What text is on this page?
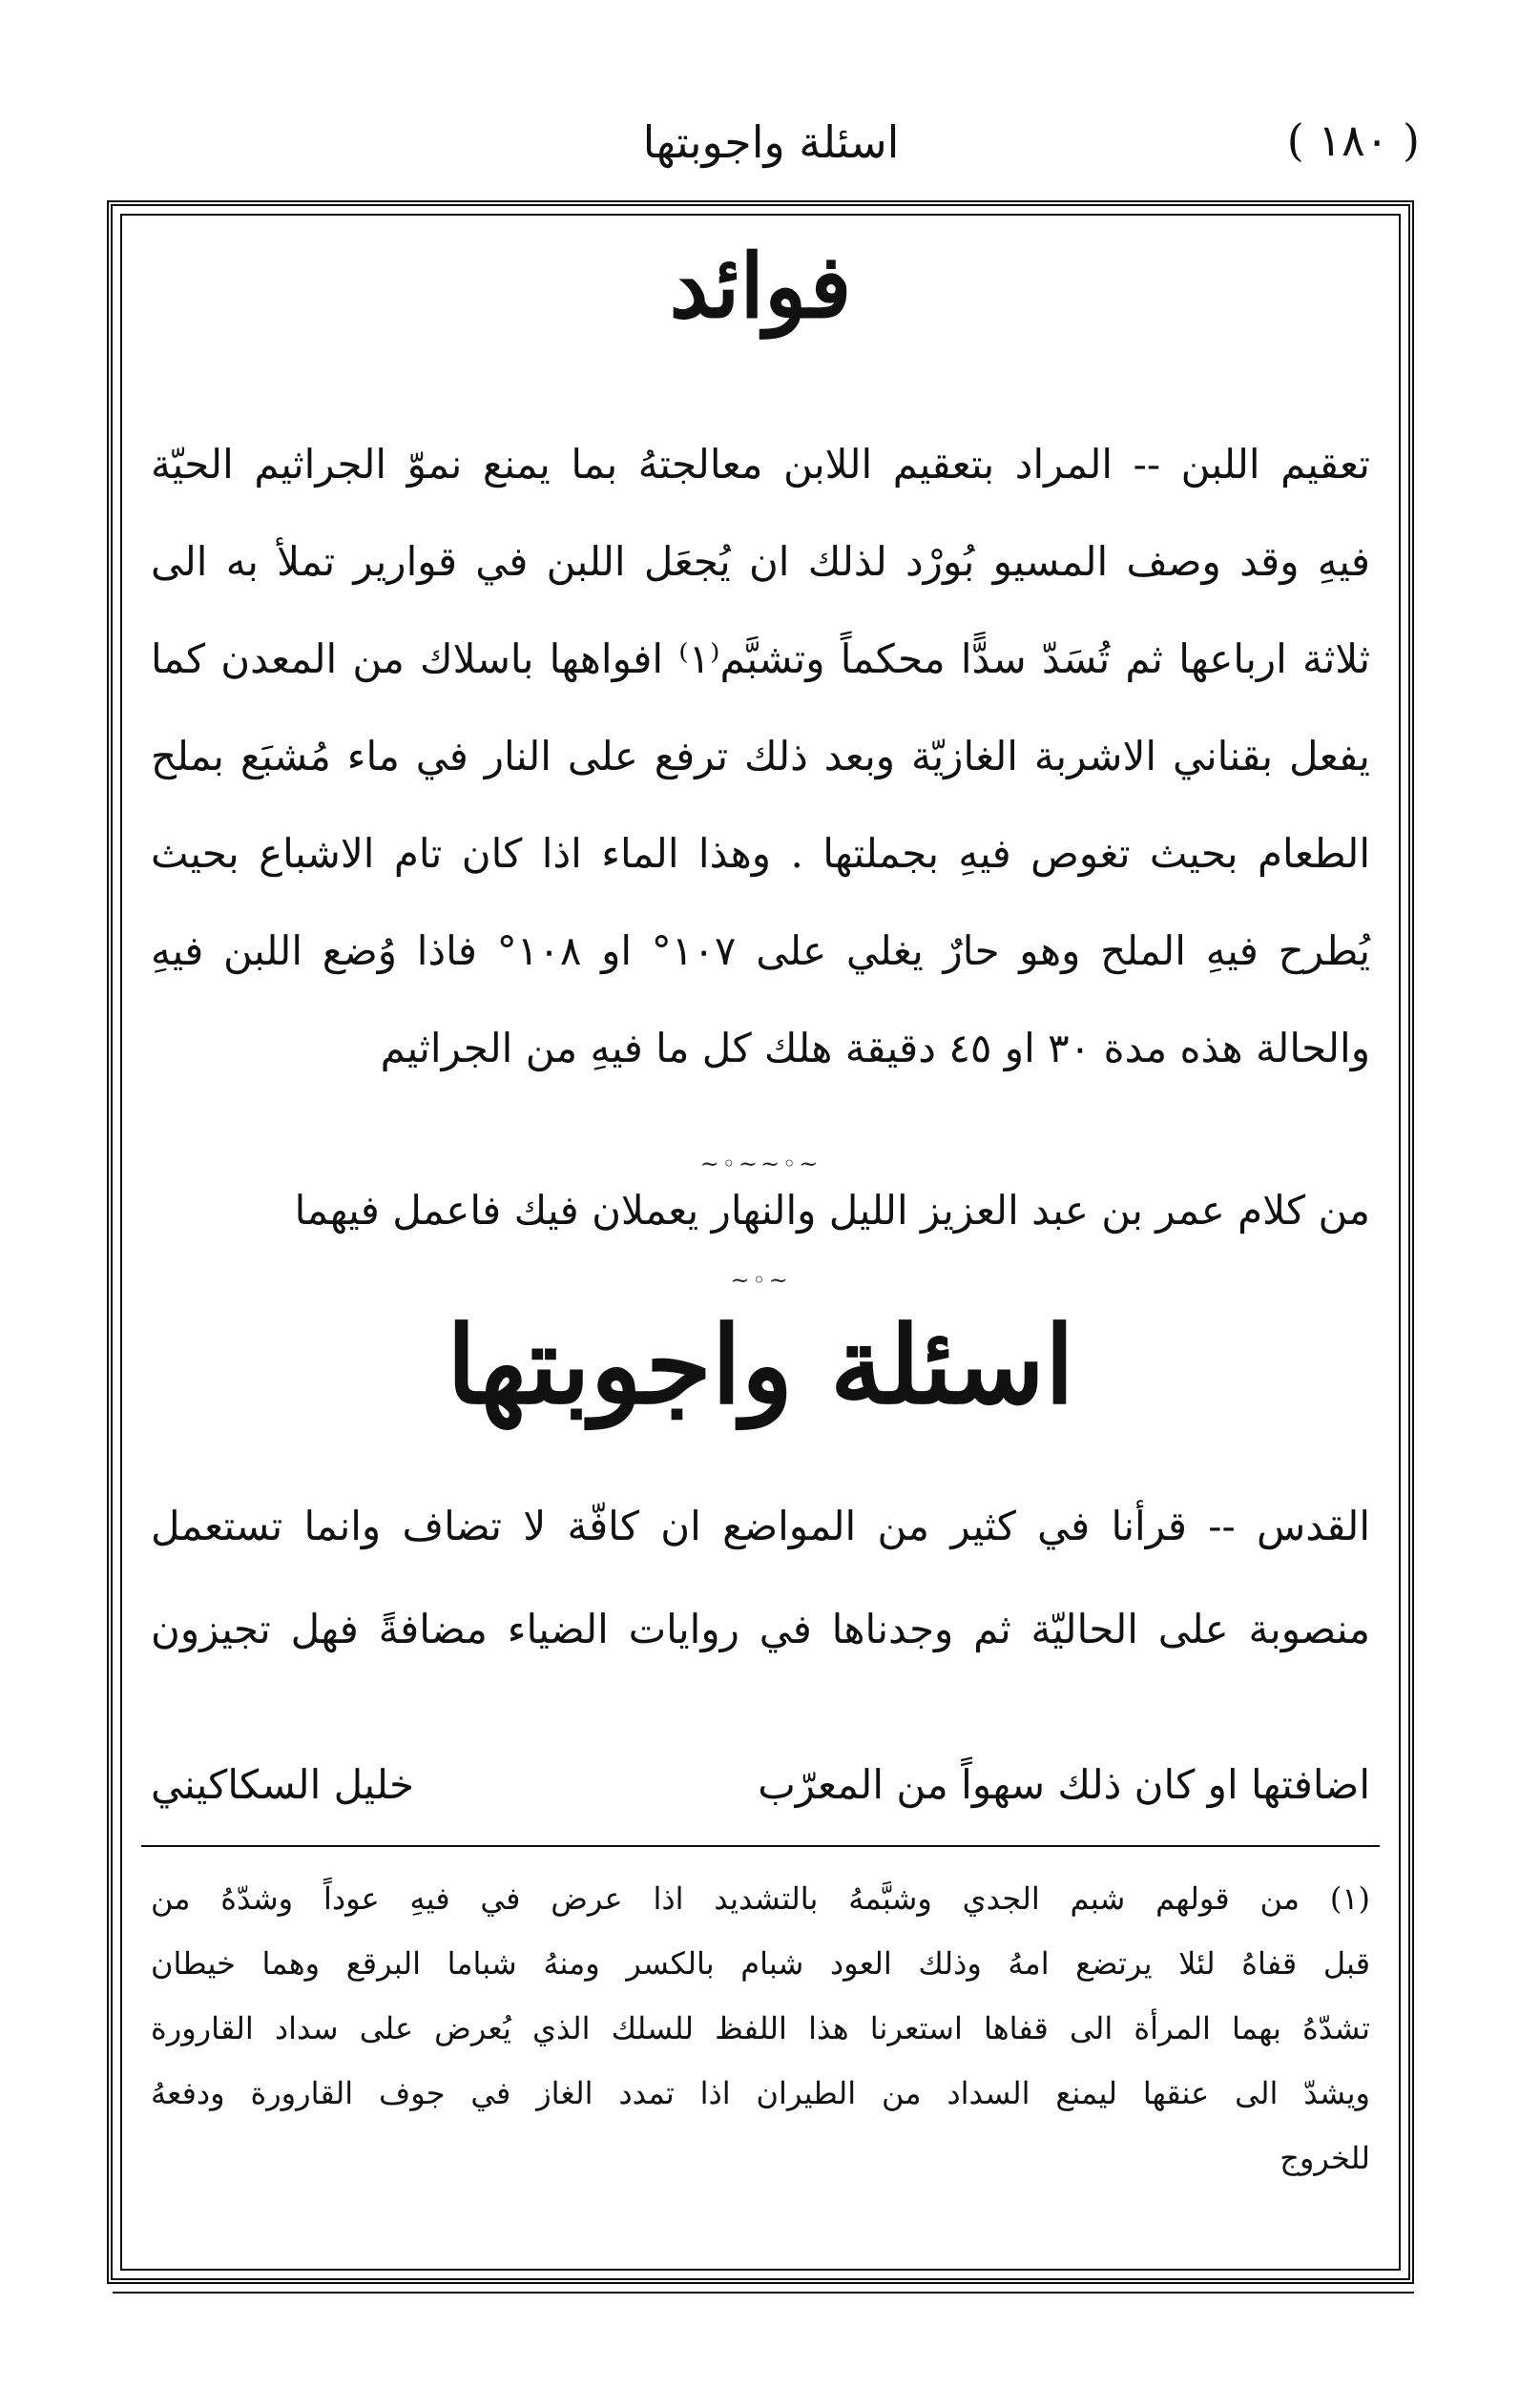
( ١٨٠ )
اسئلة واجوبتها
فوائد
تعقيم اللبن -- المراد بتعقيم اللابن معالجتهُ بما يمنع نموّ الجراثيم الحيّة
فيهِ وقد وصف المسيو بُورْد لذلك ان يُجعَل اللبن في قوارير تملأ به الى
ثلاثة ارباعها ثم تُسَدّ سدًّا محكماً وتشبَّم⁽١⁾ افواهها باسلاك من المعدن كما
يفعل بقناني الاشربة الغازيّة وبعد ذلك ترفع على النار في ماء مُشبَع بملح
الطعام بحيث تغوص فيهِ بجملتها . وهذا الماء اذا كان تام الاشباع بحيث
يُطرح فيهِ الملح وهو حارٌ يغلي على ١٠٧° او ١٠٨° فاذا وُضع اللبن فيهِ
والحالة هذه مدة ٣٠ او ٤٥ دقيقة هلك كل ما فيهِ من الجراثيم
~◦~~◦~
من كلام عمر بن عبد العزيز الليل والنهار يعملان فيك فاعمل فيهما
~◦~
اسئلة واجوبتها
القدس -- قرأنا في كثير من المواضع ان كافّة لا تضاف وانما تستعمل
منصوبة على الحاليّة ثم وجدناها في روايات الضياء مضافةً فهل تجيزون
اضافتها او كان ذلك سهواً من المعرّب
خليل السكاكيني
(١) من قولهم شبم الجدي وشبَّمهُ بالتشديد اذا عرض في فيهِ عوداً وشدّهُ من
قبل قفاهُ لئلا يرتضع امهُ وذلك العود شبام بالكسر ومنهُ شباما البرقع وهما خيطان
تشدّهُ بهما المرأة الى قفاها استعرنا هذا اللفظ للسلك الذي يُعرض على سداد القارورة
ويشدّ الى عنقها ليمنع السداد من الطيران اذا تمدد الغاز في جوف القارورة ودفعهُ
للخروج
